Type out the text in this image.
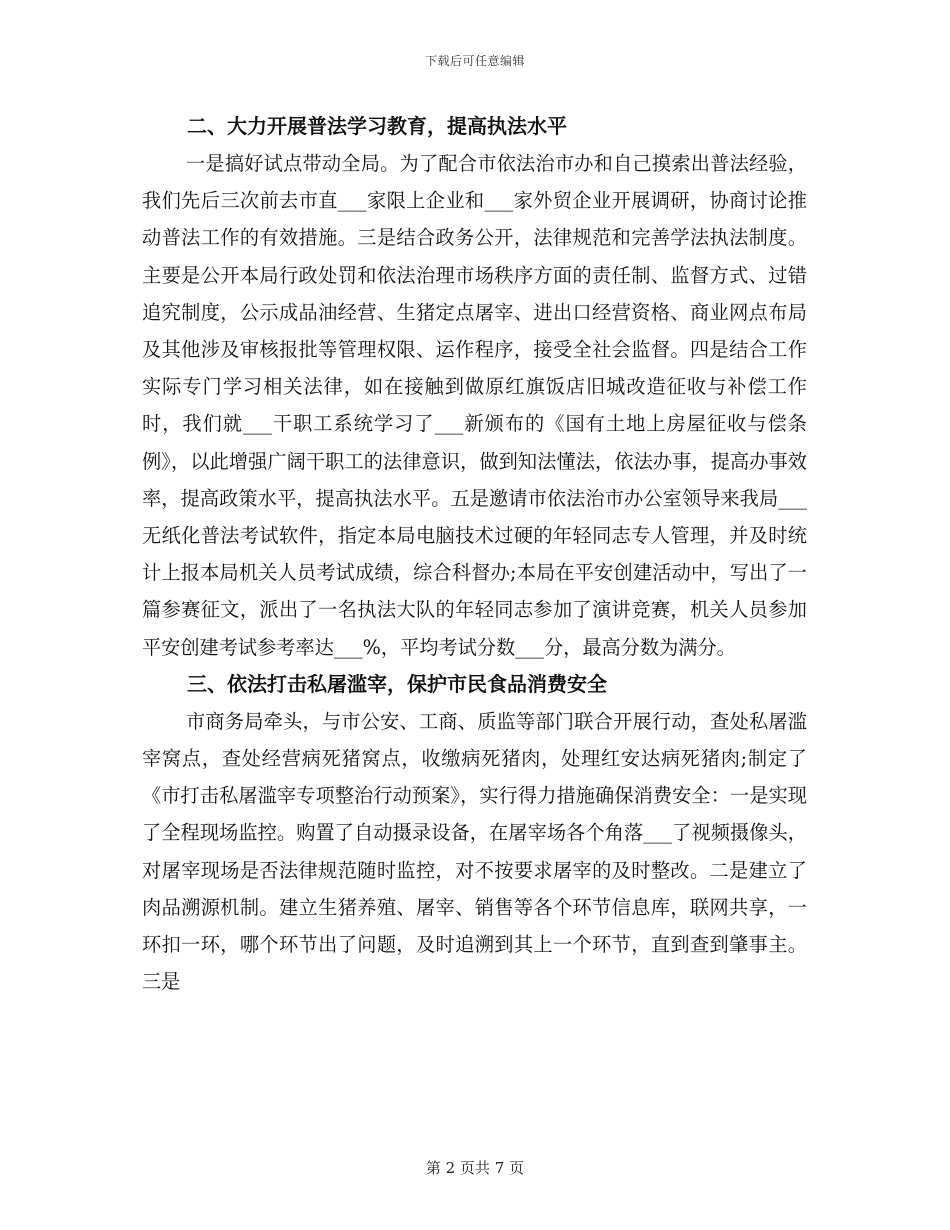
下载后可任意编辑

二、大力开展普法学习教育，提高执法水平

一是搞好试点带动全局。为了配合市依法治市办和自己摸索出普法经验，我们先后三次前去市直___家限上企业和___家外贸企业开展调研，协商讨论推动普法工作的有效措施。三是结合政务公开，法律规范和完善学法执法制度。主要是公开本局行政处罚和依法治理市场秩序方面的责任制、监督方式、过错追究制度，公示成品油经营、生猪定点屠宰、进出口经营资格、商业网点布局及其他涉及审核报批等管理权限、运作程序，接受全社会监督。四是结合工作实际专门学习相关法律，如在接触到做原红旗饭店旧城改造征收与补偿工作时，我们就___干职工系统学习了___新颁布的《国有土地上房屋征收与偿条例》，以此增强广阔干职工的法律意识，做到知法懂法，依法办事，提高办事效率，提高政策水平，提高执法水平。五是邀请市依法治市办公室领导来我局___无纸化普法考试软件，指定本局电脑技术过硬的年轻同志专人管理，并及时统计上报本局机关人员考试成绩，综合科督办;本局在平安创建活动中，写出了一篇参赛征文，派出了一名执法大队的年轻同志参加了演讲竞赛，机关人员参加平安创建考试参考率达___%，平均考试分数___分，最高分数为满分。

三、依法打击私屠滥宰，保护市民食品消费安全

市商务局牵头，与市公安、工商、质监等部门联合开展行动，查处私屠滥宰窝点，查处经营病死猪窝点，收缴病死猪肉，处理红安达病死猪肉;制定了《市打击私屠滥宰专项整治行动预案》，实行得力措施确保消费安全：一是实现了全程现场监控。购置了自动摄录设备，在屠宰场各个角落___了视频摄像头，对屠宰现场是否法律规范随时监控，对不按要求屠宰的及时整改。二是建立了肉品溯源机制。建立生猪养殖、屠宰、销售等各个环节信息库，联网共享，一环扣一环，哪个环节出了问题，及时追溯到其上一个环节，直到查到肇事主。三是

第 2 页共 7 页
